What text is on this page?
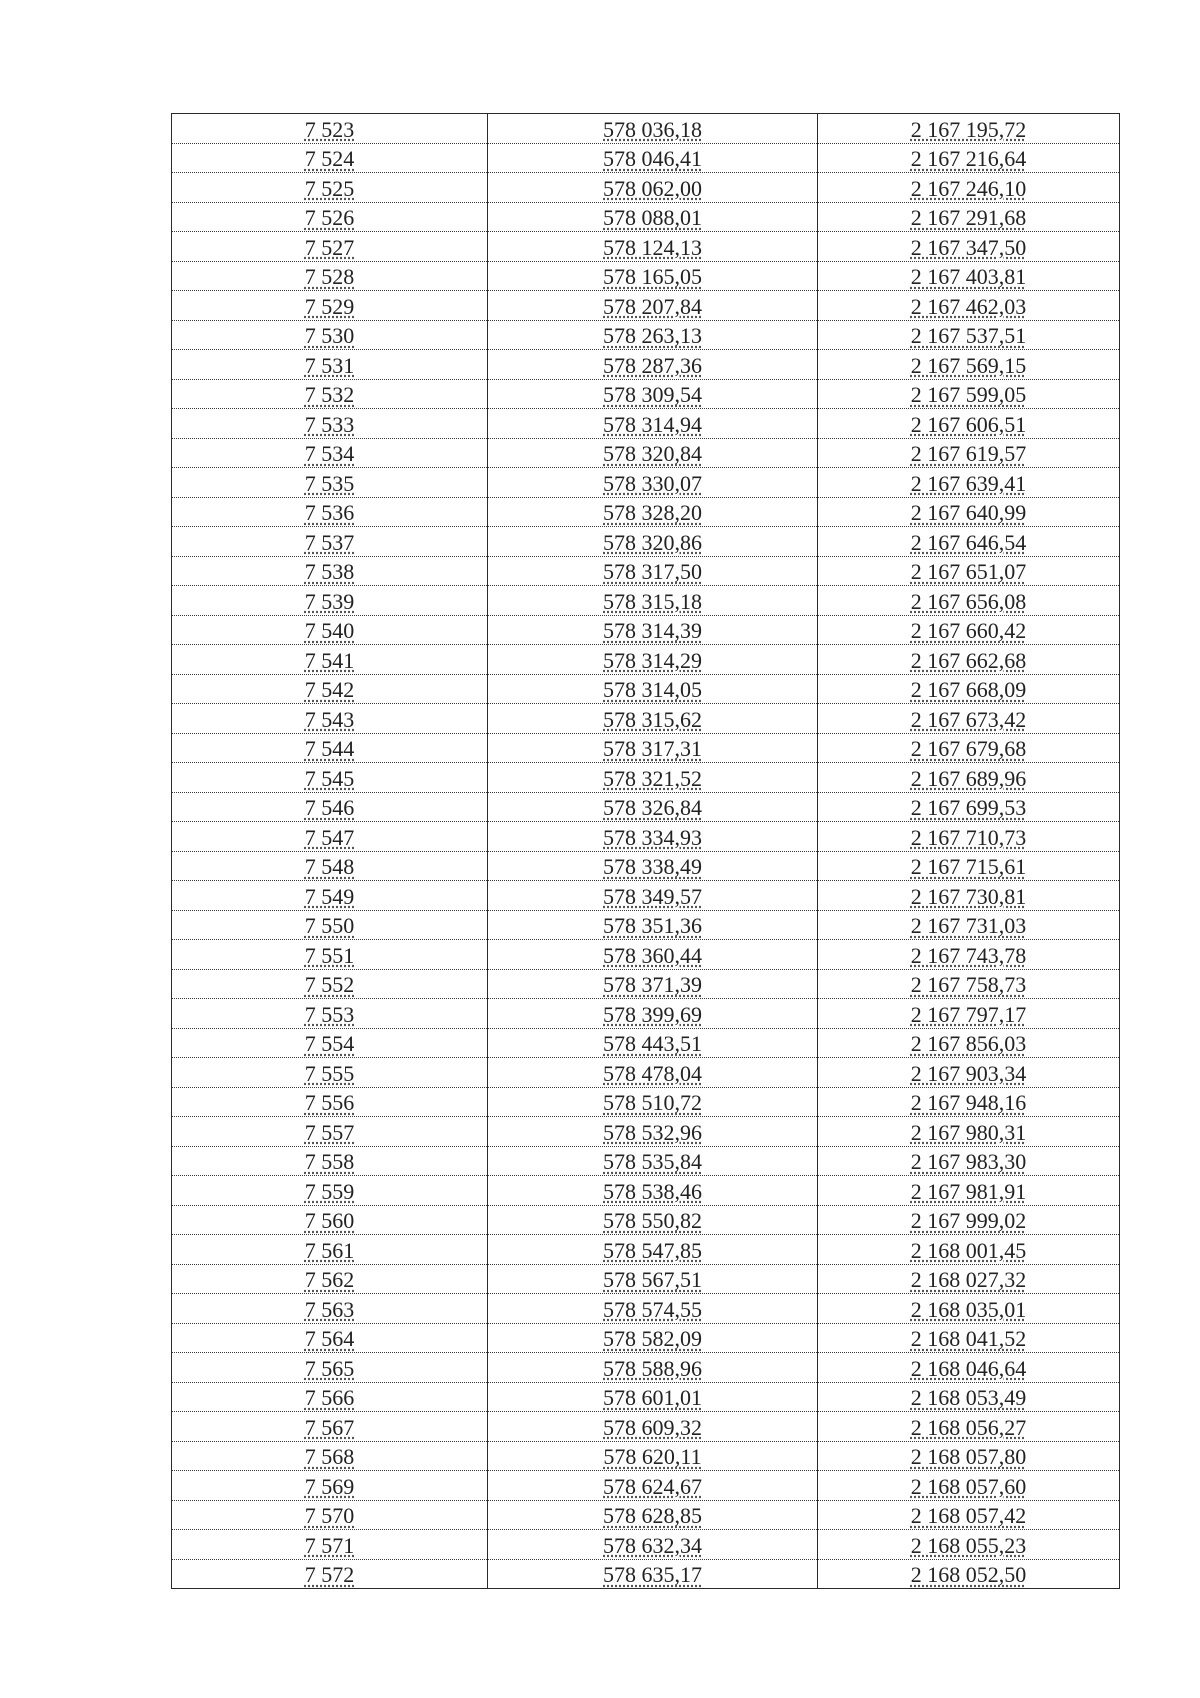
7 523	578 036,18	2 167 195,72
7 524	578 046,41	2 167 216,64
7 525	578 062,00	2 167 246,10
7 526	578 088,01	2 167 291,68
7 527	578 124,13	2 167 347,50
7 528	578 165,05	2 167 403,81
7 529	578 207,84	2 167 462,03
7 530	578 263,13	2 167 537,51
7 531	578 287,36	2 167 569,15
7 532	578 309,54	2 167 599,05
7 533	578 314,94	2 167 606,51
7 534	578 320,84	2 167 619,57
7 535	578 330,07	2 167 639,41
7 536	578 328,20	2 167 640,99
7 537	578 320,86	2 167 646,54
7 538	578 317,50	2 167 651,07
7 539	578 315,18	2 167 656,08
7 540	578 314,39	2 167 660,42
7 541	578 314,29	2 167 662,68
7 542	578 314,05	2 167 668,09
7 543	578 315,62	2 167 673,42
7 544	578 317,31	2 167 679,68
7 545	578 321,52	2 167 689,96
7 546	578 326,84	2 167 699,53
7 547	578 334,93	2 167 710,73
7 548	578 338,49	2 167 715,61
7 549	578 349,57	2 167 730,81
7 550	578 351,36	2 167 731,03
7 551	578 360,44	2 167 743,78
7 552	578 371,39	2 167 758,73
7 553	578 399,69	2 167 797,17
7 554	578 443,51	2 167 856,03
7 555	578 478,04	2 167 903,34
7 556	578 510,72	2 167 948,16
7 557	578 532,96	2 167 980,31
7 558	578 535,84	2 167 983,30
7 559	578 538,46	2 167 981,91
7 560	578 550,82	2 167 999,02
7 561	578 547,85	2 168 001,45
7 562	578 567,51	2 168 027,32
7 563	578 574,55	2 168 035,01
7 564	578 582,09	2 168 041,52
7 565	578 588,96	2 168 046,64
7 566	578 601,01	2 168 053,49
7 567	578 609,32	2 168 056,27
7 568	578 620,11	2 168 057,80
7 569	578 624,67	2 168 057,60
7 570	578 628,85	2 168 057,42
7 571	578 632,34	2 168 055,23
7 572	578 635,17	2 168 052,50
